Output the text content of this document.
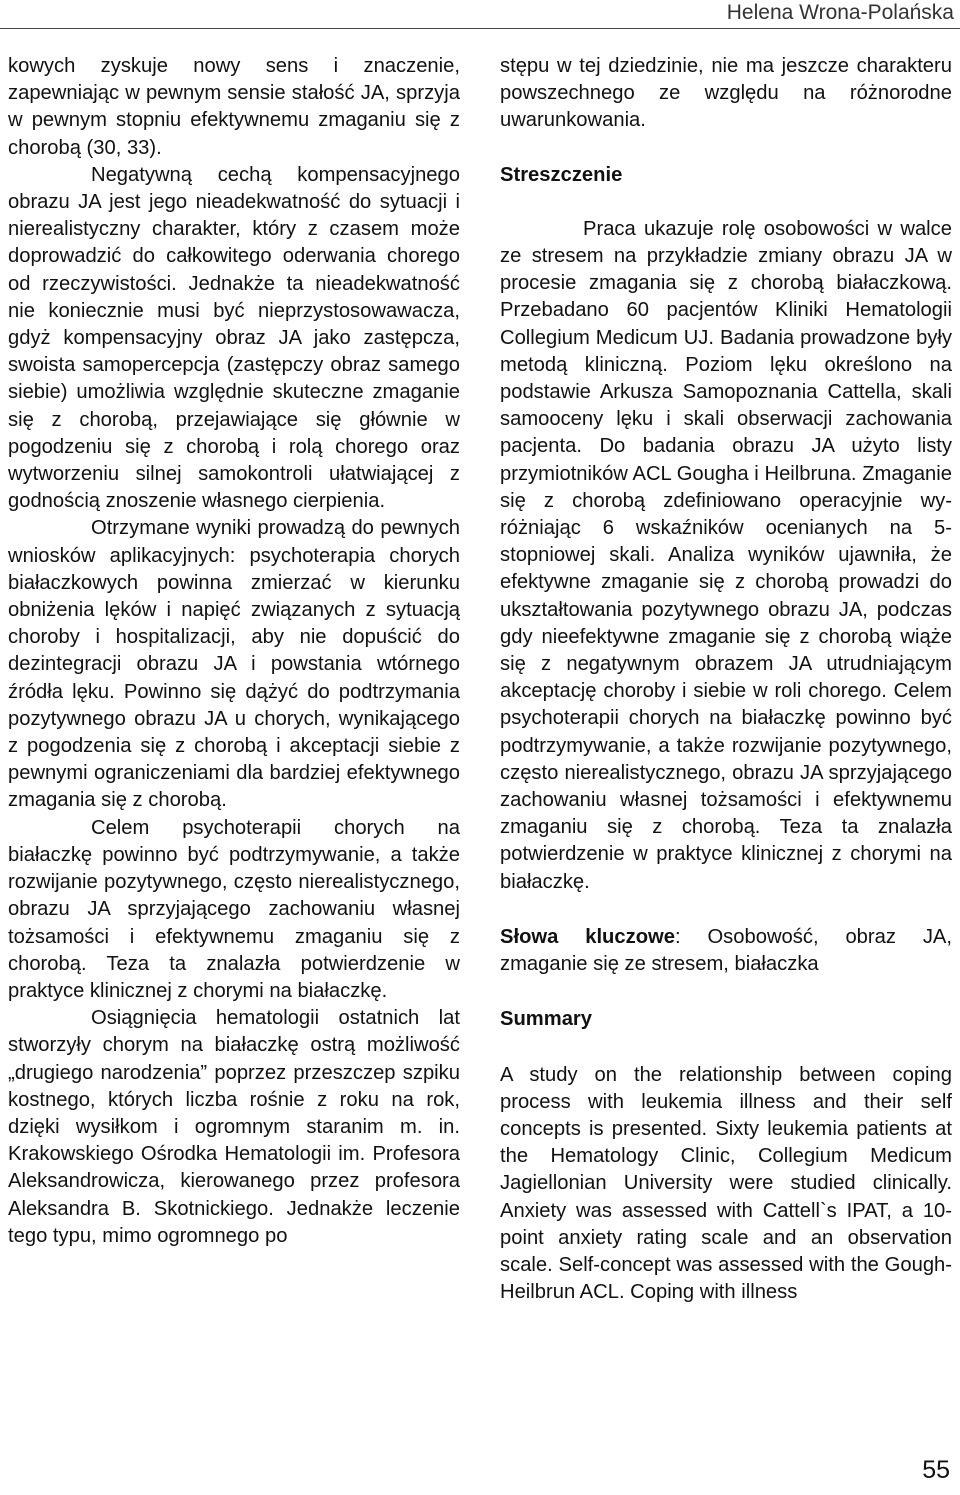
Helena Wrona-Polańska

kowych zyskuje nowy sens i znaczenie, zapewniając w pewnym sensie stałość JA, sprzyja w pewnym stopniu efektywnemu zmaganiu się z chorobą (30, 33).

Negatywną cechą kompensacyjnego obrazu JA jest jego nieadekwatność do sytuacji i nierealistyczny charakter, który z czasem może doprowadzić do całkowitego oderwania chorego od rzeczywistości. Jednakże ta nieadekwatność nie koniecznie musi być nieprzystosowawacza, gdyż kompensacyjny obraz JA jako zastępcza, swoista samopercepcja (zastępczy obraz samego siebie) umożliwia względnie skuteczne zmaganie się z chorobą, przejawiające się głównie w pogodzeniu się z chorobą i rolą chorego oraz wytworzeniu silnej samokontroli ułatwiającej z godnością znoszenie własnego cierpienia.

Otrzymane wyniki prowadzą do pewnych wniosków aplikacyjnych: psychoterapia chorych białaczkowych powinna zmierzać w kierunku obniżenia lęków i napięć związanych z sytuacją choroby i hospitalizacji, aby nie dopuścić do dezintegracji obrazu JA i powstania wtórnego źródła lęku. Powinno się dążyć do podtrzymania pozytywnego obrazu JA u chorych, wynikającego z pogodzenia się z chorobą i akceptacji siebie z pewnymi ograniczeniami dla bardziej efektywnego zmagania się z chorobą.

Celem psychoterapii chorych na białaczkę powinno być podtrzymywanie, a także rozwijanie pozytywnego, często nierealistycznego, obrazu JA sprzyjającego zachowaniu własnej tożsamości i efektywnemu zmaganiu się z chorobą. Teza ta znalazła potwierdzenie w praktyce klinicznej z chorymi na białaczkę.

Osiągnięcia hematologii ostatnich lat stworzyły chorym na białaczkę ostrą możliwość „drugiego narodzenia” poprzez przeszczep szpiku kostnego, których liczba rośnie z roku na rok, dzięki wysiłkom i ogromnym staranim m. in. Krakowskiego Ośrodka Hematologii im. Profesora Aleksandrowicza, kierowanego przez profesora Aleksandra B. Skotnickiego. Jednakże leczenie tego typu, mimo ogromnego po

stępu w tej dziedzinie, nie ma jeszcze charakteru powszechnego ze względu na różnorodne uwarunkowania.

Streszczenie

Praca ukazuje rolę osobowości w walce ze stresem na przykładzie zmiany obrazu JA w procesie zmagania się z chorobą białaczkową. Przebadano 60 pacjentów Kliniki Hematologii Collegium Medicum UJ. Badania prowadzone były metodą kliniczną. Poziom lęku określono na podstawie Arkusza Samopoznania Cattella, skali samooceny lęku i skali obserwacji zachowania pacjenta. Do badania obrazu JA użyto listy przymiotników ACL Gougha i Heilbruna. Zmaganie się z chorobą zdefiniowano operacyjnie wyróżniając 6 wskaźników ocenianych na 5-stopniowej skali. Analiza wyników ujawniła, że efektywne zmaganie się z chorobą prowadzi do ukształtowania pozytywnego obrazu JA, podczas gdy nieefektywne zmaganie się z chorobą wiąże się z negatywnym obrazem JA utrudniającym akceptację choroby i siebie w roli chorego. Celem psychoterapii chorych na białaczkę powinno być podtrzymywanie, a także rozwijanie pozytywnego, często nierealistycznego, obrazu JA sprzyjającego zachowaniu własnej tożsamości i efektywnemu zmaganiu się z chorobą. Teza ta znalazła potwierdzenie w praktyce klinicznej z chorymi na białaczkę.

Słowa kluczowe: Osobowość, obraz JA, zmaganie się ze stresem, białaczka

Summary

A study on the relationship between coping process with leukemia illness and their self concepts is presented. Sixty leukemia patients at the Hematology Clinic, Collegium Medicum Jagiellonian University were studied clinically. Anxiety was assessed with Cattell`s IPAT, a 10-point anxiety rating scale and an observation scale. Self-concept was assessed with the Gough-Heilbrun ACL. Coping with illness

55
